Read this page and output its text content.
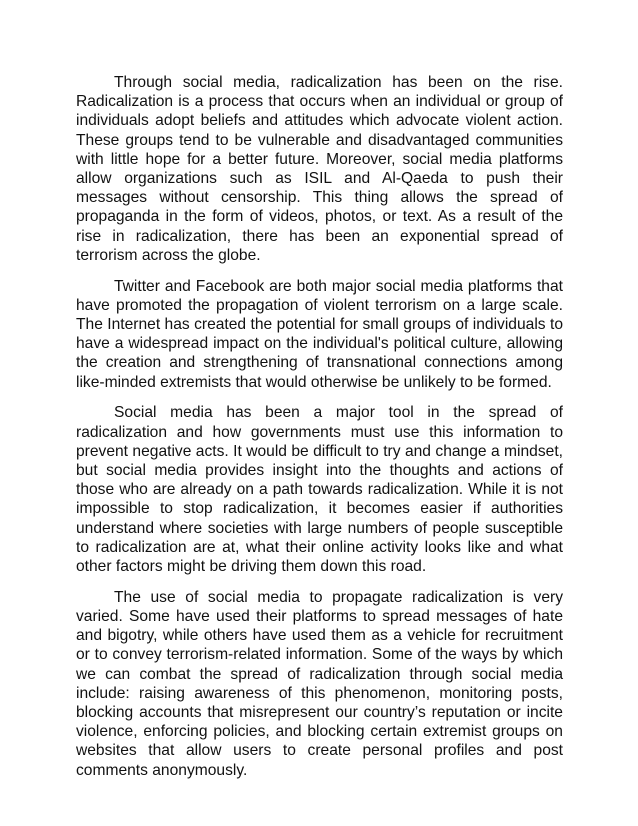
Through social media, radicalization has been on the rise. Radicalization is a process that occurs when an individual or group of individuals adopt beliefs and attitudes which advocate violent action. These groups tend to be vulnerable and disadvantaged communities with little hope for a better future. Moreover, social media platforms allow organizations such as ISIL and Al-Qaeda to push their messages without censorship. This thing allows the spread of propaganda in the form of videos, photos, or text. As a result of the rise in radicalization, there has been an exponential spread of terrorism across the globe.

Twitter and Facebook are both major social media platforms that have promoted the propagation of violent terrorism on a large scale. The Internet has created the potential for small groups of individuals to have a widespread impact on the individual's political culture, allowing the creation and strengthening of transnational connections among like-minded extremists that would otherwise be unlikely to be formed.

Social media has been a major tool in the spread of radicalization and how governments must use this information to prevent negative acts. It would be difficult to try and change a mindset, but social media provides insight into the thoughts and actions of those who are already on a path towards radicalization. While it is not impossible to stop radicalization, it becomes easier if authorities understand where societies with large numbers of people susceptible to radicalization are at, what their online activity looks like and what other factors might be driving them down this road.

The use of social media to propagate radicalization is very varied. Some have used their platforms to spread messages of hate and bigotry, while others have used them as a vehicle for recruitment or to convey terrorism-related information. Some of the ways by which we can combat the spread of radicalization through social media include: raising awareness of this phenomenon, monitoring posts, blocking accounts that misrepresent our country’s reputation or incite violence, enforcing policies, and blocking certain extremist groups on websites that allow users to create personal profiles and post comments anonymously.
